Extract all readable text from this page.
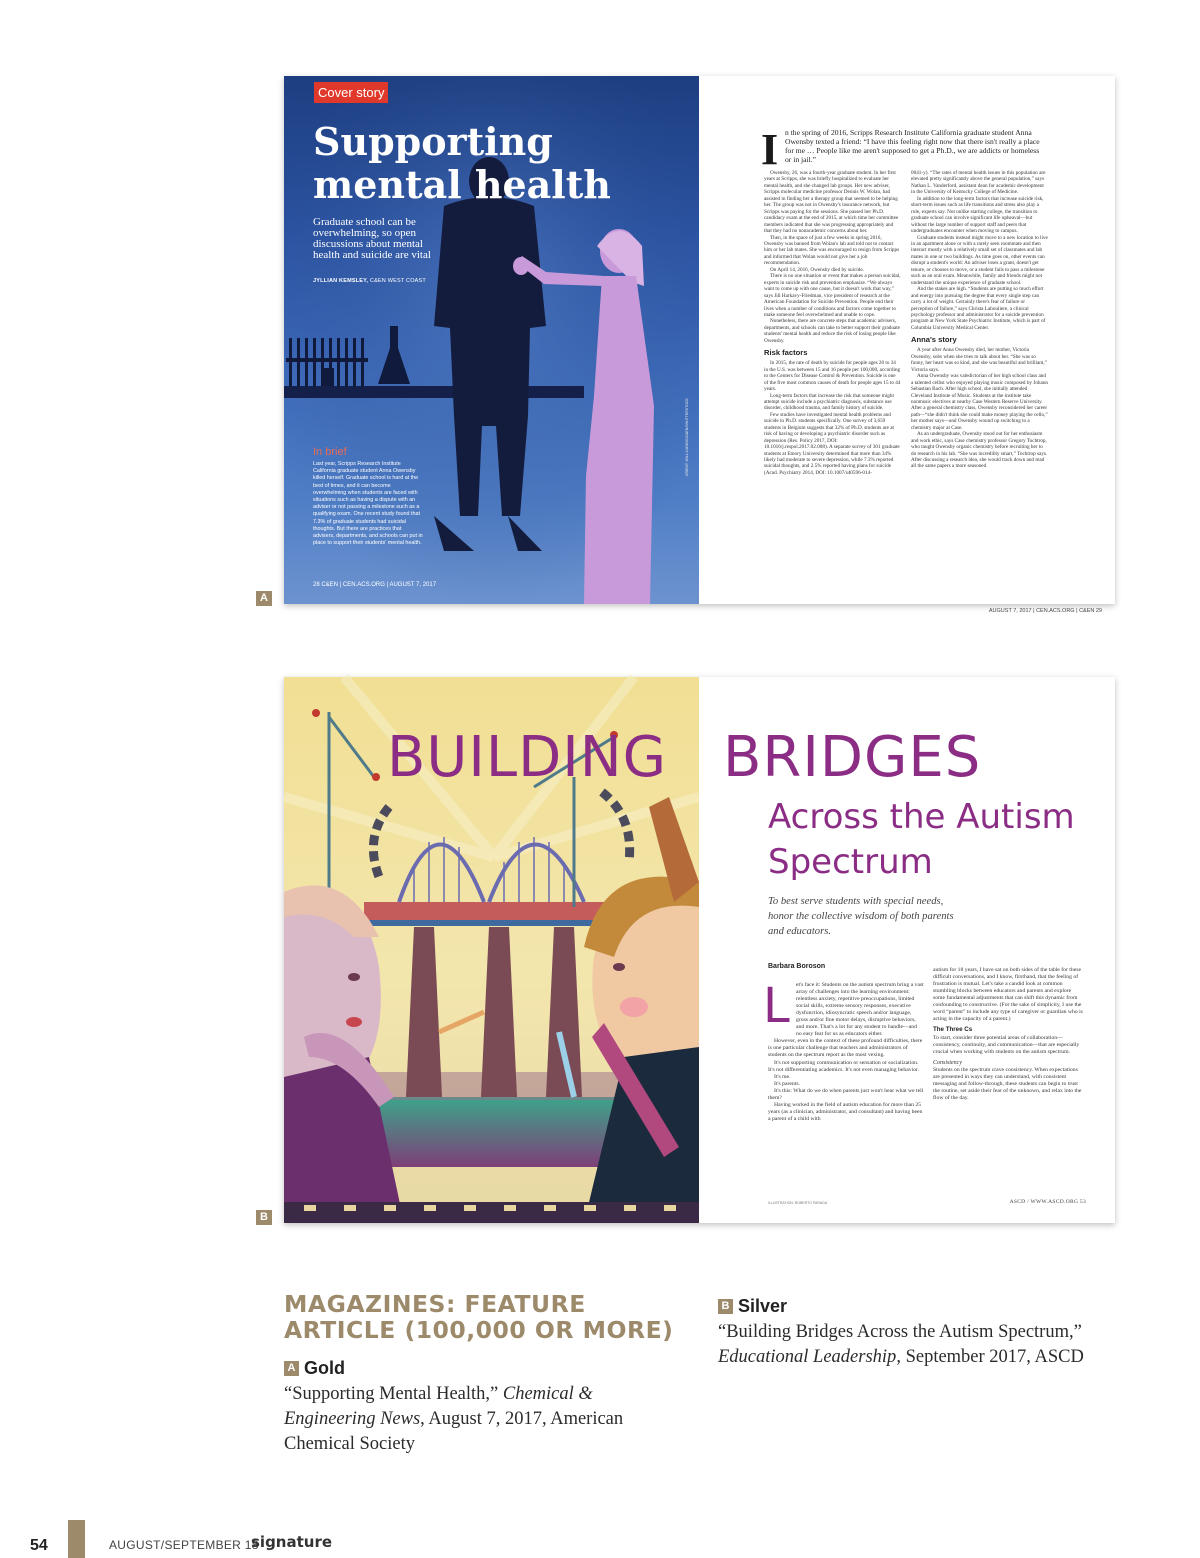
Cover story
Supporting mental health
Graduate school can be overwhelming, so open discussions about mental health and suicide are vital
JYLLIAN KEMSLEY, C&EN WEST COAST
In brief
Last year, Scripps Research Institute California graduate student Anna Owensby killed herself. Graduate school is hard at the best of times, and it can become overwhelming when students are faced with situations such as having a dispute with an adviser or not passing a milestone such as a qualifying exam. One recent study found that 7.3% of graduate students had suicidal thoughts. But there are practices that advisers, departments, and schools can put in place to support their students' mental health.
28 C&EN | CEN.ACS.ORG | AUGUST 7, 2017
CREDIT: WILL LUDWIG/C&EN/SHUTTERSTOCK
I n the spring of 2016, Scripps Research Institute California graduate student Anna Owensby texted a friend: “I have this feeling right now that there isn't really a place for me … People like me aren't supposed to get a Ph.D., we are addicts or homeless or in jail.”

Owensby, 26, was a fourth-year graduate student. In her first years at Scripps, she was briefly hospitalized to evaluate her mental health, and she changed lab groups. Her new adviser, Scripps molecular medicine professor Dennis W. Wolan, had assisted in finding her a therapy group that seemed to be helping her. The group was not in Owensby's insurance network, but Scripps was paying for the sessions. She passed her Ph.D. candidacy exam at the end of 2015, at which time her committee members indicated that she was progressing appropriately and that they had no nonacademic concerns about her.

Then, in the space of just a few weeks in spring 2016, Owensby was banned from Wolan's lab and told not to contact him or her lab mates. She was encouraged to resign from Scripps and informed that Wolan would not give her a job recommendation.

On April 14, 2016, Owensby died by suicide.

There is no one situation or event that makes a person suicidal, experts in suicide risk and prevention emphasize. “We always want to come up with one cause, but it doesn't work that way,” says Jill Harkavy-Friedman, vice president of research at the American Foundation for Suicide Prevention. People end their lives when a number of conditions and factors come together to make someone feel overwhelmed and unable to cope.

Nonetheless, there are concrete steps that academic advisers, departments, and schools can take to better support their graduate students' mental health and reduce the risk of losing people like Owensby.

Risk factors

In 2015, the rate of death by suicide for people ages 20 to 34 in the U.S. was between 15 and 16 people per 100,000, according to the Centers for Disease Control & Prevention. Suicide is one of the five most common causes of death for people ages 15 to 44 years.

Long-term factors that increase the risk that someone might attempt suicide include a psychiatric diagnosis, substance use disorder, childhood trauma, and family history of suicide.

Few studies have investigated mental health problems and suicide in Ph.D. students specifically. One survey of 3,659 students in Belgium suggests that 32% of Ph.D. students are at risk of having or developing a psychiatric disorder such as depression (Res. Policy 2017, DOI: 10.1016/j.respol.2017.02.008). A separate survey of 301 graduate students at Emory University determined that more than 34% likely had moderate to severe depression, while 7.3% reported suicidal thoughts, and 2.5% reported having plans for suicide (Acad. Psychiatry 2014, DOI: 10.1007/s40596-014-

0041-y). “The rates of mental health issues in this population are elevated pretty significantly above the general population,” says Nathan L. Vanderford, assistant dean for academic development in the University of Kentucky College of Medicine.

In addition to the long-term factors that increase suicide risk, short-term issues such as life transitions and stress also play a role, experts say. Not unlike starting college, the transition to graduate school can involve significant life upheaval—but without the large number of support staff and peers that undergraduates encounter when moving to campus.

Graduate students instead might move to a new location to live in an apartment alone or with a rarely seen roommate and then interact mostly with a relatively small set of classmates and lab mates in one or two buildings. As time goes on, other events can disrupt a student's world: An adviser loses a grant, doesn't get tenure, or chooses to move, or a student fails to pass a milestone such as an oral exam. Meanwhile, family and friends might not understand the unique experience of graduate school.

And the stakes are high. “Students are putting so much effort and energy into pursuing the degree that every single step can carry a lot of weight. Certainly there's fear of failure or perception of failure,” says Christa Labouliere, a clinical psychology professor and administrator for a suicide prevention program at New York State Psychiatric Institute, which is part of Columbia University Medical Center.

Anna's story

A year after Anna Owensby died, her mother, Victoria Owensby, sobs when she tries to talk about her. “She was so funny, her heart was so kind, and she was beautiful and brilliant,” Victoria says.

Anna Owensby was valedictorian of her high school class and a talented cellist who enjoyed playing music composed by Johann Sebastian Bach. After high school, she initially attended Cleveland Institute of Music. Students at the institute take nonmusic electives at nearby Case Western Reserve University. After a general chemistry class, Owensby reconsidered her career path—“she didn't think she could make money playing the cello,” her mother says—and Owensby wound up switching to a chemistry major at Case.

As an undergraduate, Owensby stood out for her enthusiasm and work ethic, says Case chemistry professor Gregory Tochtrop, who taught Owensby organic chemistry before recruiting her to do research in his lab. “She was incredibly smart,” Tochtrop says. After discussing a research idea, she would track down and read all the same papers a more seasoned

AUGUST 7, 2017 | CEN.ACS.ORG | C&EN 29
A
BUILDING BRIDGES
Across the Autism Spectrum
To best serve students with special needs, honor the collective wisdom of both parents and educators.
Barbara Boroson
L	et's face it: Students on the autism spectrum bring a vast array of challenges into the learning environment: relentless anxiety, repetitive preoccupations, limited social skills, extreme sensory responses, executive dysfunction, idiosyncratic speech and/or language, gross and/or fine motor delays, disruptive behaviors, and more. That's a lot for any student to handle—and no easy feat for us as educators either.

However, even in the context of these profound difficulties, there is one particular challenge that teachers and administrators of students on the spectrum report as the most vexing.

It's not supporting communication or sensation or socialization. It's not differentiating academics. It's not even managing behavior.

It's me.

It's parents.

It's this: What do we do when parents just won't hear what we tell them?

Having worked in the field of autism education for more than 25 years (as a clinician, administrator, and consultant) and having been a parent of a child with

autism for 18 years, I have sat on both sides of the table for these difficult conversations, and I know, firsthand, that the feeling of frustration is mutual. Let's take a candid look at common stumbling blocks between educators and parents and explore some fundamental adjustments that can shift this dynamic from confounding to constructive. (For the sake of simplicity, I use the word “parent” to include any type of caregiver or guardian who is acting in the capacity of a parent.)

The Three Cs

To start, consider three potential areas of collaboration—consistency, continuity, and communication—that are especially crucial when working with students on the autism spectrum.

Consistency

Students on the spectrum crave consistency. When expectations are presented in ways they can understand, with consistent messaging and follow-through, these students can begin to trust the routine, set aside their fear of the unknown, and relax into the flow of the day.

ILLUSTRATION: ROBERTO PARADA	ASCD / WWW.ASCD.ORG 53
B
MAGAZINES: FEATURE ARTICLE (100,000 OR MORE)
A Gold
“Supporting Mental Health,” Chemical & Engineering News, August 7, 2017, American Chemical Society
B Silver
“Building Bridges Across the Autism Spectrum,”
Educational Leadership, September 2017, ASCD
54	AUGUST/SEPTEMBER 18
signature
